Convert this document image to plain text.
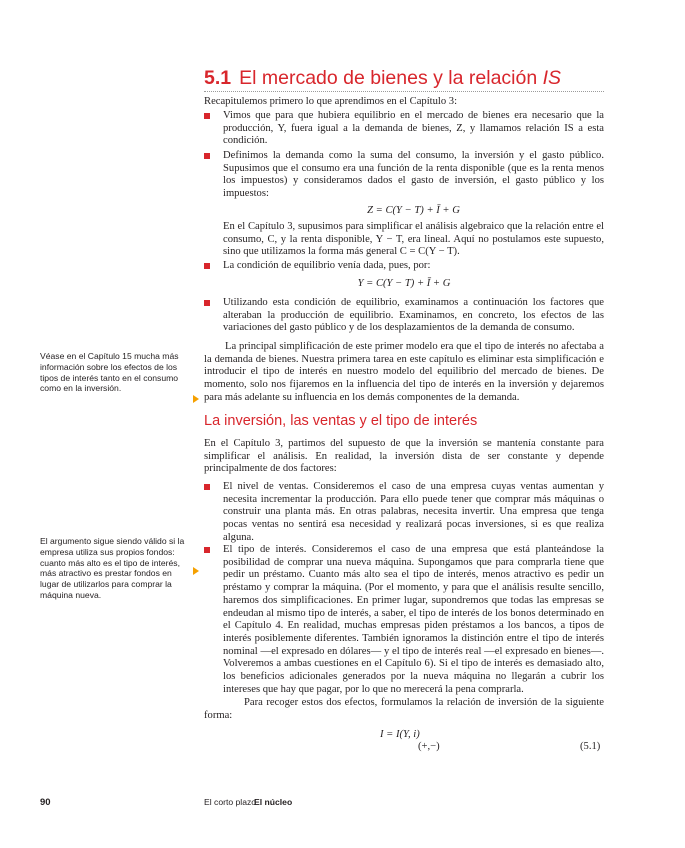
5.1 El mercado de bienes y la relación IS

Recapitulemos primero lo que aprendimos en el Capítulo 3:

Vimos que para que hubiera equilibrio en el mercado de bienes era necesario que la producción, Y, fuera igual a la demanda de bienes, Z, y llamamos relación IS a esta condición.
Definimos la demanda como la suma del consumo, la inversión y el gasto público. Supusimos que el consumo era una función de la renta disponible (que es la renta menos los impuestos) y consideramos dados el gasto de inversión, el gasto público y los impuestos:

Z = C(Y − T) + Ī + G

En el Capítulo 3, supusimos para simplificar el análisis algebraico que la relación entre el consumo, C, y la renta disponible, Y − T, era lineal. Aquí no postulamos este supuesto, sino que utilizamos la forma más general C = C(Y − T).
La condición de equilibrio venía dada, pues, por:

Y = C(Y − T) + Ī + G

Utilizando esta condición de equilibrio, examinamos a continuación los factores que alteraban la producción de equilibrio. Examinamos, en concreto, los efectos de las variaciones del gasto público y de los desplazamientos de la demanda de consumo.

La principal simplificación de este primer modelo era que el tipo de interés no afectaba a la demanda de bienes. Nuestra primera tarea en este capítulo es eliminar esta simplificación e introducir el tipo de interés en nuestro modelo del equilibrio del mercado de bienes. De momento, solo nos fijaremos en la influencia del tipo de interés en la inversión y dejaremos para más adelante su influencia en los demás componentes de la demanda.

La inversión, las ventas y el tipo de interés

En el Capítulo 3, partimos del supuesto de que la inversión se mantenía constante para simplificar el análisis. En realidad, la inversión dista de ser constante y depende principalmente de dos factores:

El nivel de ventas. Consideremos el caso de una empresa cuyas ventas aumentan y necesita incrementar la producción. Para ello puede tener que comprar más máquinas o construir una planta más. En otras palabras, necesita invertir. Una empresa que tenga pocas ventas no sentirá esa necesidad y realizará pocas inversiones, si es que realiza alguna.
El tipo de interés. Consideremos el caso de una empresa que está planteándose la posibilidad de comprar una nueva máquina. Supongamos que para comprarla tiene que pedir un préstamo. Cuanto más alto sea el tipo de interés, menos atractivo es pedir un préstamo y comprar la máquina. (Por el momento, y para que el análisis resulte sencillo, haremos dos simplificaciones. En primer lugar, supondremos que todas las empresas se endeudan al mismo tipo de interés, a saber, el tipo de interés de los bonos determinado en el Capítulo 4. En realidad, muchas empresas piden préstamos a los bancos, a tipos de interés posiblemente diferentes. También ignoramos la distinción entre el tipo de interés nominal —el expresado en dólares— y el tipo de interés real —el expresado en bienes—. Volveremos a ambas cuestiones en el Capítulo 6). Si el tipo de interés es demasiado alto, los beneficios adicionales generados por la nueva máquina no llegarán a cubrir los intereses que hay que pagar, por lo que no merecerá la pena comprarla.

Para recoger estos dos efectos, formulamos la relación de inversión de la siguiente forma:

I = I(Y, i)
(+,−)	(5.1)

Véase en el Capítulo 15 mucha más información sobre los efectos de los tipos de interés tanto en el consumo como en la inversión.

El argumento sigue siendo válido si la empresa utiliza sus propios fondos: cuanto más alto es el tipo de interés, más atractivo es prestar fondos en lugar de utilizarlos para comprar la máquina nueva.

90	El corto plazo
El núcleo
